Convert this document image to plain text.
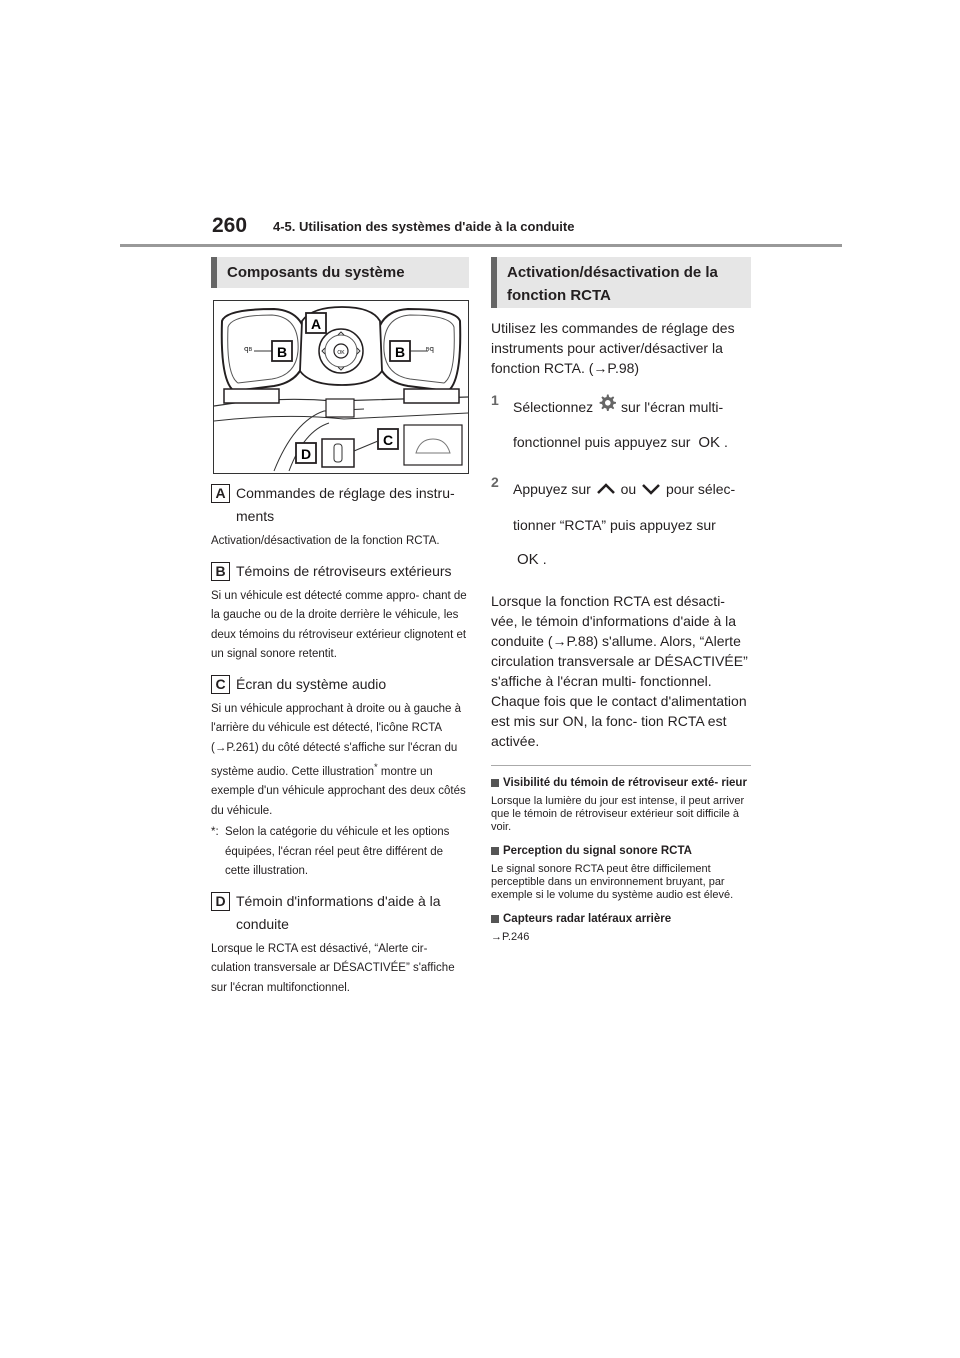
260 4-5. Utilisation des systèmes d'aide à la conduite
Composants du système
ꟼᴮ	ᴮꟼ
B	B
OK
A
C
D
A Commandes de réglage des instru- ments
Activation/désactivation de la fonction RCTA.
B Témoins de rétroviseurs extérieurs
Si un véhicule est détecté comme appro- chant de la gauche ou de la droite derrière le véhicule, les deux témoins du rétroviseur extérieur clignotent et un signal sonore retentit.
C Écran du système audio
Si un véhicule approchant à droite ou à gauche à l'arrière du véhicule est détecté, l'icône RCTA (→P.261) du côté détecté s'affiche sur l'écran du système audio. Cette illustration* montre un exemple d'un véhicule approchant des deux côtés du véhicule.
*: Selon la catégorie du véhicule et les options équipées, l'écran réel peut être différent de cette illustration.
D Témoin d'informations d'aide à la conduite
Lorsque le RCTA est désactivé, “Alerte cir- culation transversale ar DÉSACTIVÉE” s'affiche sur l'écran multifonctionnel.
Activation/désactivation de la fonction RCTA
Utilisez les commandes de réglage des instruments pour activer/désactiver la fonction RCTA. (→P.98)
1	Sélectionnez sur l'écran multi- fonctionnel puis appuyez sur OK .
2	Appuyez sur ou pour sélec- tionner “RCTA” puis appuyez sur OK .
Lorsque la fonction RCTA est désacti- vée, le témoin d'informations d'aide à la conduite (→P.88) s'allume. Alors, “Alerte circulation transversale ar DÉSACTIVÉE” s'affiche à l'écran multi- fonctionnel. Chaque fois que le contact d'alimentation est mis sur ON, la fonc- tion RCTA est activée.
Visibilité du témoin de rétroviseur exté- rieur
Lorsque la lumière du jour est intense, il peut arriver que le témoin de rétroviseur extérieur soit difficile à voir.
Perception du signal sonore RCTA
Le signal sonore RCTA peut être difficilement perceptible dans un environnement bruyant, par exemple si le volume du système audio est élevé.
Capteurs radar latéraux arrière
→P.246
